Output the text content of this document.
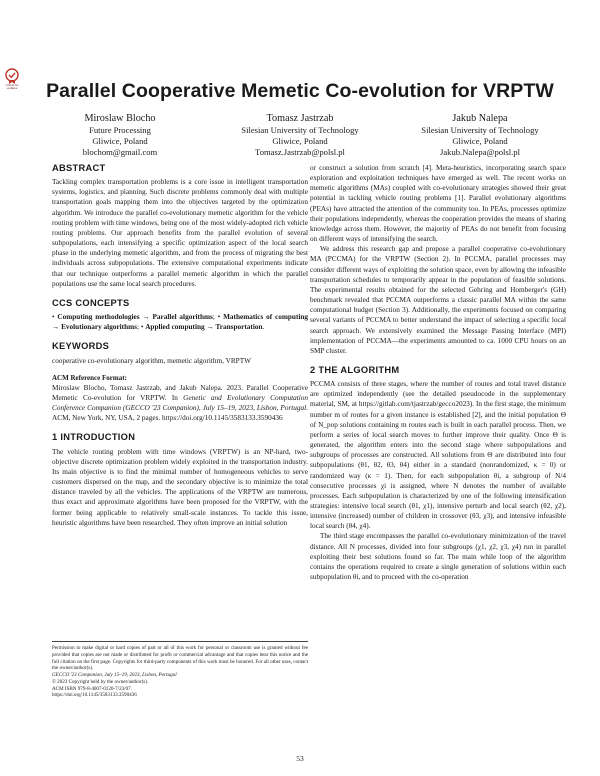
Check for updates	Parallel Cooperative Memetic Co-evolution for VRPTW
Miroslaw Blocho
Future Processing
Gliwice, Poland
blochom@gmail.com
Tomasz Jastrzab
Silesian University of Technology
Gliwice, Poland
Tomasz.Jastrzab@polsl.pl
Jakub Nalepa
Silesian University of Technology
Gliwice, Poland
Jakub.Nalepa@polsl.pl
ABSTRACT

Tackling complex transportation problems is a core issue in intelligent transportation systems, logistics, and planning. Such discrete problems commonly deal with multiple transportation goals mapping them into the objectives targeted by the optimization algorithm. We introduce the parallel co-evolutionary memetic algorithm for the vehicle routing problem with time windows, being one of the most widely-adopted rich vehicle routing problems. Our approach benefits from the parallel evolution of several subpopulations, each intensifying a specific optimization aspect of the local search phase in the underlying memetic algorithm, and from the process of migrating the best individuals across subpopulations. The extensive computational experiments indicate that our technique outperforms a parallel memetic algorithm in which the parallel populations use the same local search procedures.

CCS CONCEPTS
• Computing methodologies → Parallel algorithms; • Mathematics of computing → Evolutionary algorithms; • Applied computing → Transportation.
KEYWORDS

cooperative co-evolutionary algorithm, memetic algorithm, VRPTW

ACM Reference Format:

Miroslaw Blocho, Tomasz Jastrzab, and Jakub Nalepa. 2023. Parallel Cooperative Memetic Co-evolution for VRPTW. In Genetic and Evolutionary Computation Conference Companion (GECCO '23 Companion), July 15–19, 2023, Lisbon, Portugal. ACM, New York, NY, USA, 2 pages. https://doi.org/10.1145/3583133.3590436

1 INTRODUCTION

The vehicle routing problem with time windows (VRPTW) is an NP-hard, two-objective discrete optimization problem widely exploited in the transportation industry. Its main objective is to find the minimal number of homogeneous vehicles to serve customers dispersed on the map, and the secondary objective is to minimize the total distance traveled by all the vehicles. The applications of the VRPTW are numerous, thus exact and approximate algorithms have been proposed for the VRPTW, with the former being applicable to relatively small-scale instances. To tackle this issue, heuristic algorithms have been researched. They often improve an initial solution

Permission to make digital or hard copies of part or all of this work for personal or classroom use is granted without fee provided that copies are not made or distributed for profit or commercial advantage and that copies bear this notice and the full citation on the first page. Copyrights for third-party components of this work must be honored. For all other uses, contact the owner/author(s).

GECCO '23 Companion, July 15–19, 2023, Lisbon, Portugal

© 2023 Copyright held by the owner/author(s).

ACM ISBN 979-8-4007-0120-7/23/07.

https://doi.org/10.1145/3583133.3590436

or construct a solution from scratch [4]. Meta-heuristics, incorporating search space exploration and exploitation techniques have emerged as well. The recent works on memetic algorithms (MAs) coupled with co-evolutionary strategies showed their great potential in tackling vehicle routing problems [1]. Parallel evolutionary algorithms (PEAs) have attracted the attention of the community too. In PEAs, processes optimize their populations independently, whereas the cooperation provides the means of sharing knowledge across them. However, the majority of PEAs do not benefit from focusing on different ways of intensifying the search.

We address this research gap and propose a parallel cooperative co-evolutionary MA (PCCMA) for the VRPTW (Section 2). In PCCMA, parallel processes may consider different ways of exploiting the solution space, even by allowing the infeasible transportation schedules to temporarily appear in the population of feasible solutions. The experimental results obtained for the selected Gehring and Homberger's (GH) benchmark revealed that PCCMA outperforms a classic parallel MA within the same computational budget (Section 3). Additionally, the experiments focused on comparing several variants of PCCMA to better understand the impact of selecting a specific local search approach. We extensively examined the Message Passing Interface (MPI) implementation of PCCMA—the experiments amounted to ca. 1000 CPU hours on an SMP cluster.

2 THE ALGORITHM

PCCMA consists of three stages, where the number of routes and total travel distance are optimized independently (see the detailed pseudocode in the supplementary material, SM, at https://gitlab.com/tjastrzab/gecco2023). In the first stage, the minimum number m of routes for a given instance is established [2], and the initial population Θ of N_pop solutions containing m routes each is built in each parallel process. Then, we perform a series of local search moves to further improve their quality. Once Θ is generated, the algorithm enters into the second stage where subpopulations and subgroups of processes are constructed. All solutions from Θ are distributed into four subpopulations (θ1, θ2, θ3, θ4) either in a standard (nonrandomized, κ = 0) or randomized way (κ = 1). Then, for each subpopulation θi, a subgroup of N/4 consecutive processes χi is assigned, where N denotes the number of available processes. Each subpopulation is characterized by one of the following intensification strategies: intensive local search (θ1, χ1), intensive perturb and local search (θ2, χ2), intensive (increased) number of children in crossover (θ3, χ3), and intensive infeasible local search (θ4, χ4).

The third stage encompasses the parallel co-evolutionary minimization of the travel distance. All N processes, divided into four subgroups (χ1, χ2, χ3, χ4) run in parallel exploiting their best solutions found so far. The main while loop of the algorithm contains the operations required to create a single generation of solutions within each subpopulation θi, and to proceed with the co-operation

53
